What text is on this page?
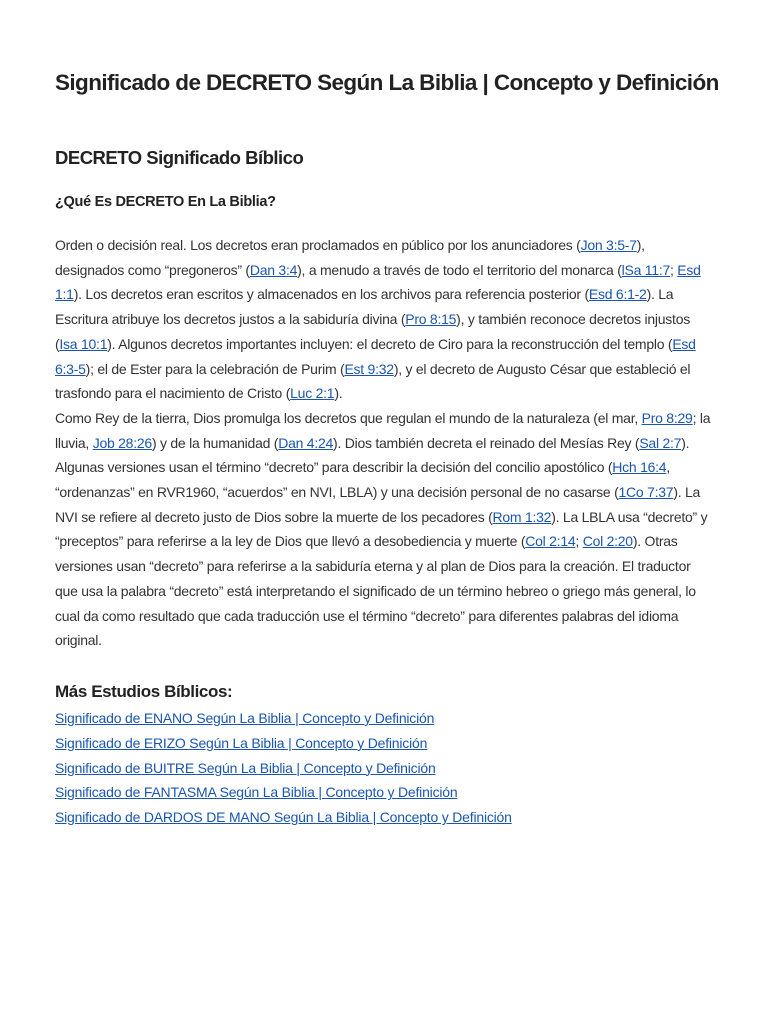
Significado de DECRETO Según La Biblia | Concepto y Definición
DECRETO Significado Bíblico
¿Qué Es DECRETO En La Biblia?

Orden o decisión real. Los decretos eran proclamados en público por los anunciadores (Jon 3:5-7), designados como “pregoneros” (Dan 3:4), a menudo a través de todo el territorio del monarca (lSa 11:7; Esd 1:1). Los decretos eran escritos y almacenados en los archivos para referencia posterior (Esd 6:1-2). La Escritura atribuye los decretos justos a la sabiduría divina (Pro 8:15), y también reconoce decretos injustos (Isa 10:1). Algunos decretos importantes incluyen: el decreto de Ciro para la reconstrucción del templo (Esd 6:3-5); el de Ester para la celebración de Purim (Est 9:32), y el decreto de Augusto César que estableció el trasfondo para el nacimiento de Cristo (Luc 2:1).

Como Rey de la tierra, Dios promulga los decretos que regulan el mundo de la naturaleza (el mar, Pro 8:29; la lluvia, Job 28:26) y de la humanidad (Dan 4:24). Dios también decreta el reinado del Mesías Rey (Sal 2:7).

Algunas versiones usan el término “decreto” para describir la decisión del concilio apostólico (Hch 16:4, “ordenanzas” en RVR1960, “acuerdos” en NVI, LBLA) y una decisión personal de no casarse (1Co 7:37). La NVI se refiere al decreto justo de Dios sobre la muerte de los pecadores (Rom 1:32). La LBLA usa “decreto” y “preceptos” para referirse a la ley de Dios que llevó a desobediencia y muerte (Col 2:14; Col 2:20). Otras versiones usan “decreto” para referirse a la sabiduría eterna y al plan de Dios para la creación. El traductor que usa la palabra “decreto” está interpretando el significado de un término hebreo o griego más general, lo cual da como resultado que cada traducción use el término “decreto” para diferentes palabras del idioma original.

Más Estudios Bíblicos:
Significado de ENANO Según La Biblia | Concepto y Definición
Significado de ERIZO Según La Biblia | Concepto y Definición
Significado de BUITRE Según La Biblia | Concepto y Definición
Significado de FANTASMA Según La Biblia | Concepto y Definición
Significado de DARDOS DE MANO Según La Biblia | Concepto y Definición
